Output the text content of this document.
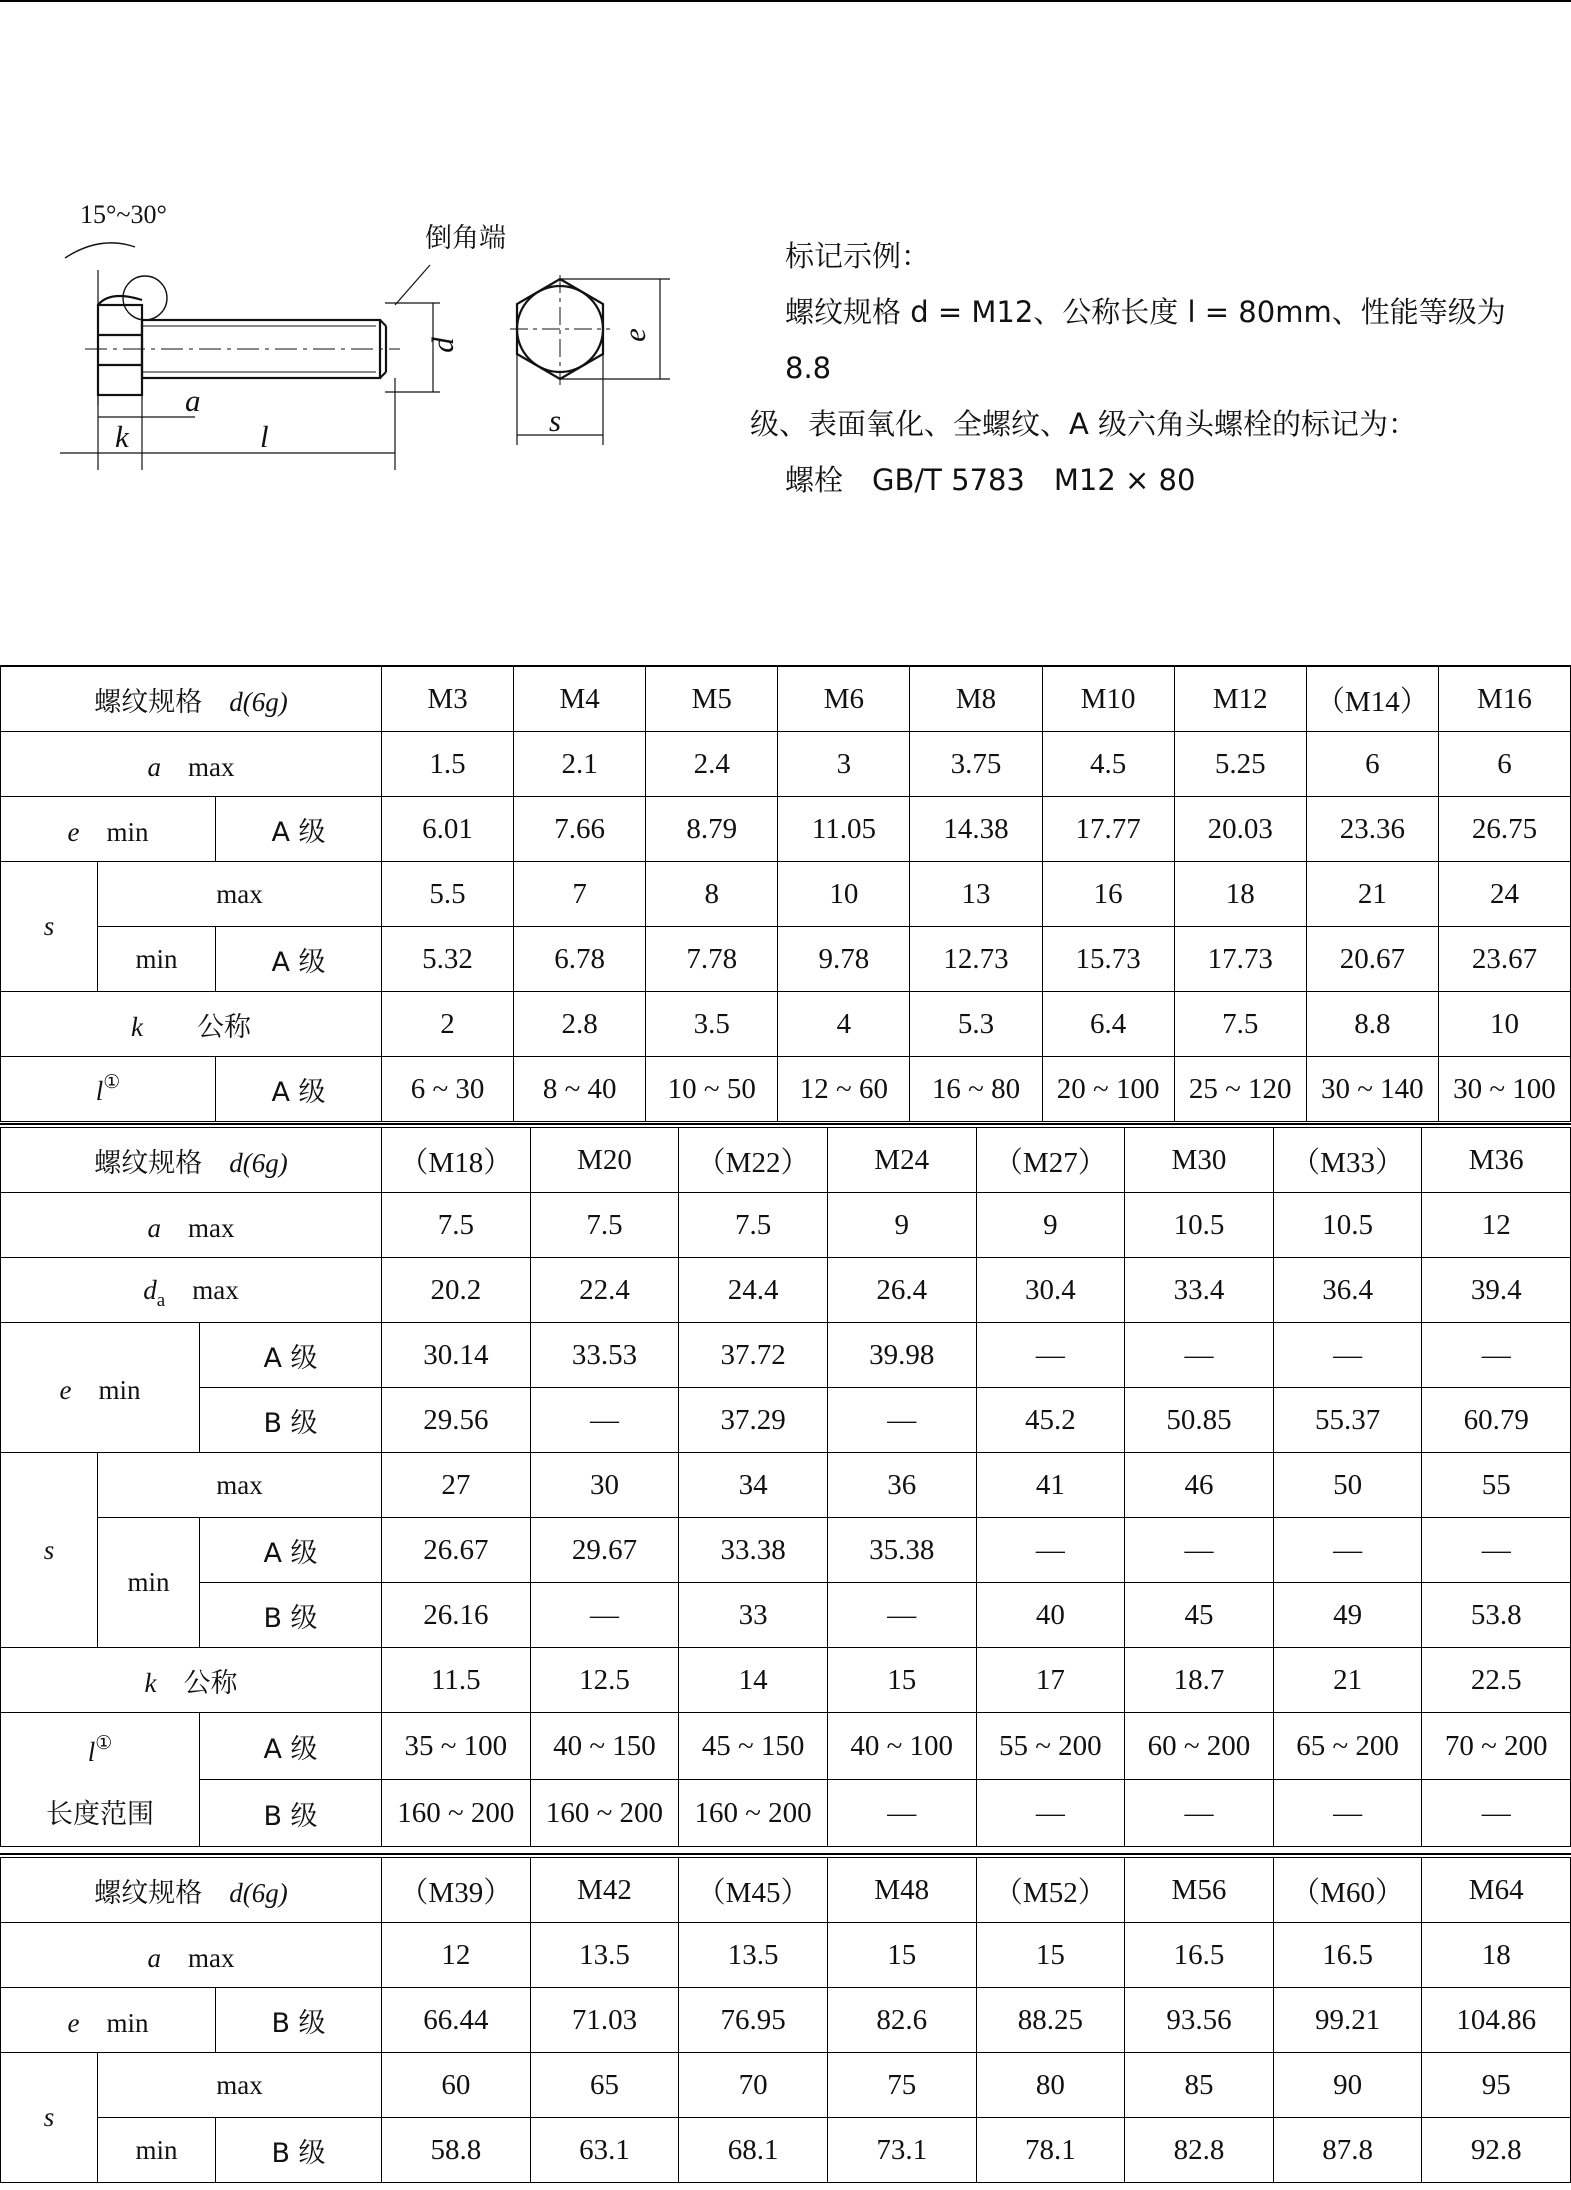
15°~30°
倒角端
d
e
s
a
k	l

标记示例：

螺纹规格 d = M12、公称长度 l = 80mm、性能等级为 8.8

级、表面氧化、全螺纹、A 级六角头螺栓的标记为：

螺栓　GB/T 5783　M12 × 80

螺纹规格　 d(6g)			M3	M4	M5	M6	M8	M10	M12	（M14）	M16
a　 max			1.5	2.1	2.4	3	3.75	4.5	5.25	6	6
e　 min		A 级	6.01	7.66	8.79	11.05	14.38	17.77	20.03	23.36	26.75
s	max		5.5	7	8	10	13	16	18	21	24
	min	A 级	5.32	6.78	7.78	9.78	12.73	15.73	17.73	20.67	23.67
k　　 公称			2	2.8	3.5	4	5.3	6.4	7.5	8.8	10
l①		A 级	6 ~ 30	8 ~ 40	10 ~ 50	12 ~ 60	16 ~ 80	20 ~ 100	25 ~ 120	30 ~ 140	30 ~ 100
螺纹规格　 d(6g)			（M18）	M20	（M22）	M24	（M27）	M30	（M33）	M36
a　 max			7.5	7.5	7.5	9	9	10.5	10.5	12
$d_a$　 max			20.2	22.4	24.4	26.4	30.4	33.4	36.4	39.4
e　 min		A 级	30.14	33.53	37.72	39.98	—	—	—	—
		B 级	29.56	—	37.29	—	45.2	50.85	55.37	60.79
s	max		27	30	34	36	41	46	50	55
	min	A 级	26.67	29.67	33.38	35.38	—	—	—	—
		B 级	26.16	—	33	—	40	45	49	53.8
k　 公称			11.5	12.5	14	15	17	18.7	21	22.5
l①
长度范围		A 级	35 ~ 100	40 ~ 150	45 ~ 150	40 ~ 100	55 ~ 200	60 ~ 200	65 ~ 200	70 ~ 200
		B 级	160 ~ 200	160 ~ 200	160 ~ 200	—	—	—	—	—
螺纹规格　 d(6g)			（M39）	M42	（M45）	M48	（M52）	M56	（M60）	M64
a　 max			12	13.5	13.5	15	15	16.5	16.5	18
e　 min		B 级	66.44	71.03	76.95	82.6	88.25	93.56	99.21	104.86
s	max		60	65	70	75	80	85	90	95
	min	B 级	58.8	63.1	68.1	73.1	78.1	82.8	87.8	92.8
